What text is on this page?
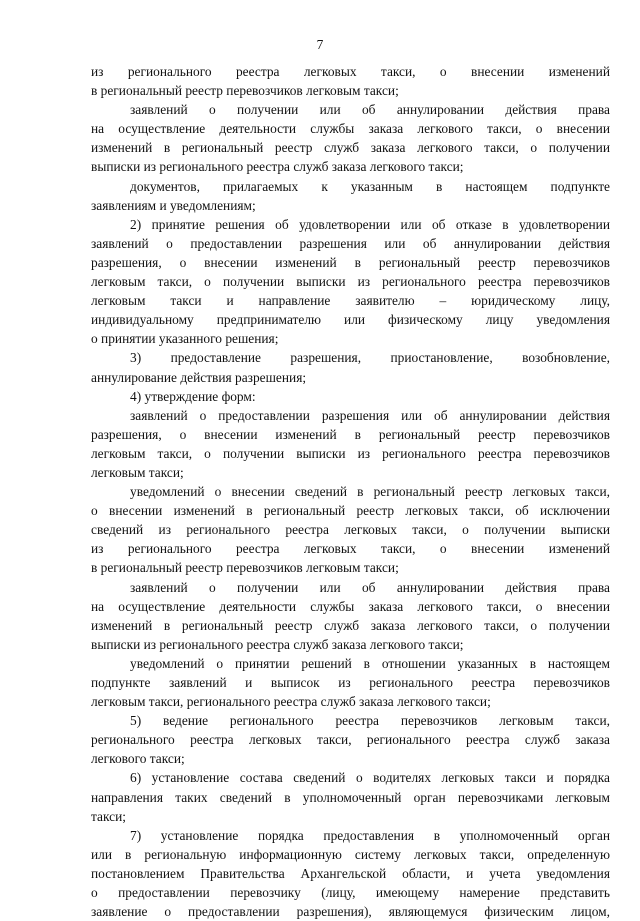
7
из регионального реестра легковых такси, о внесении изменений
в региональный реестр перевозчиков легковым такси;
заявлений о получении или об аннулировании действия права
на осуществление деятельности службы заказа легкового такси, о внесении
изменений в региональный реестр служб заказа легкового такси, о получении
выписки из регионального реестра служб заказа легкового такси;
документов, прилагаемых к указанным в настоящем подпункте
заявлениям и уведомлениям;
2) принятие решения об удовлетворении или об отказе в удовлетворении
заявлений о предоставлении разрешения или об аннулировании действия
разрешения, о внесении изменений в региональный реестр перевозчиков
легковым такси, о получении выписки из регионального реестра перевозчиков
легковым такси и направление заявителю – юридическому лицу,
индивидуальному предпринимателю или физическому лицу уведомления
о принятии указанного решения;
3) предоставление разрешения, приостановление, возобновление,
аннулирование действия разрешения;
4) утверждение форм:
заявлений о предоставлении разрешения или об аннулировании действия
разрешения, о внесении изменений в региональный реестр перевозчиков
легковым такси, о получении выписки из регионального реестра перевозчиков
легковым такси;
уведомлений о внесении сведений в региональный реестр легковых такси,
о внесении изменений в региональный реестр легковых такси, об исключении
сведений из регионального реестра легковых такси, о получении выписки
из регионального реестра легковых такси, о внесении изменений
в региональный реестр перевозчиков легковым такси;
заявлений о получении или об аннулировании действия права
на осуществление деятельности службы заказа легкового такси, о внесении
изменений в региональный реестр служб заказа легкового такси, о получении
выписки из регионального реестра служб заказа легкового такси;
уведомлений о принятии решений в отношении указанных в настоящем
подпункте заявлений и выписок из регионального реестра перевозчиков
легковым такси, регионального реестра служб заказа легкового такси;
5) ведение регионального реестра перевозчиков легковым такси,
регионального реестра легковых такси, регионального реестра служб заказа
легкового такси;
6) установление состава сведений о водителях легковых такси и порядка
направления таких сведений в уполномоченный орган перевозчиками легковым
такси;
7) установление порядка предоставления в уполномоченный орган
или в региональную информационную систему легковых такси, определенную
постановлением Правительства Архангельской области, и учета уведомления
о предоставлении перевозчику (лицу, имеющему намерение представить
заявление о предоставлении разрешения), являющемуся физическим лицом,
